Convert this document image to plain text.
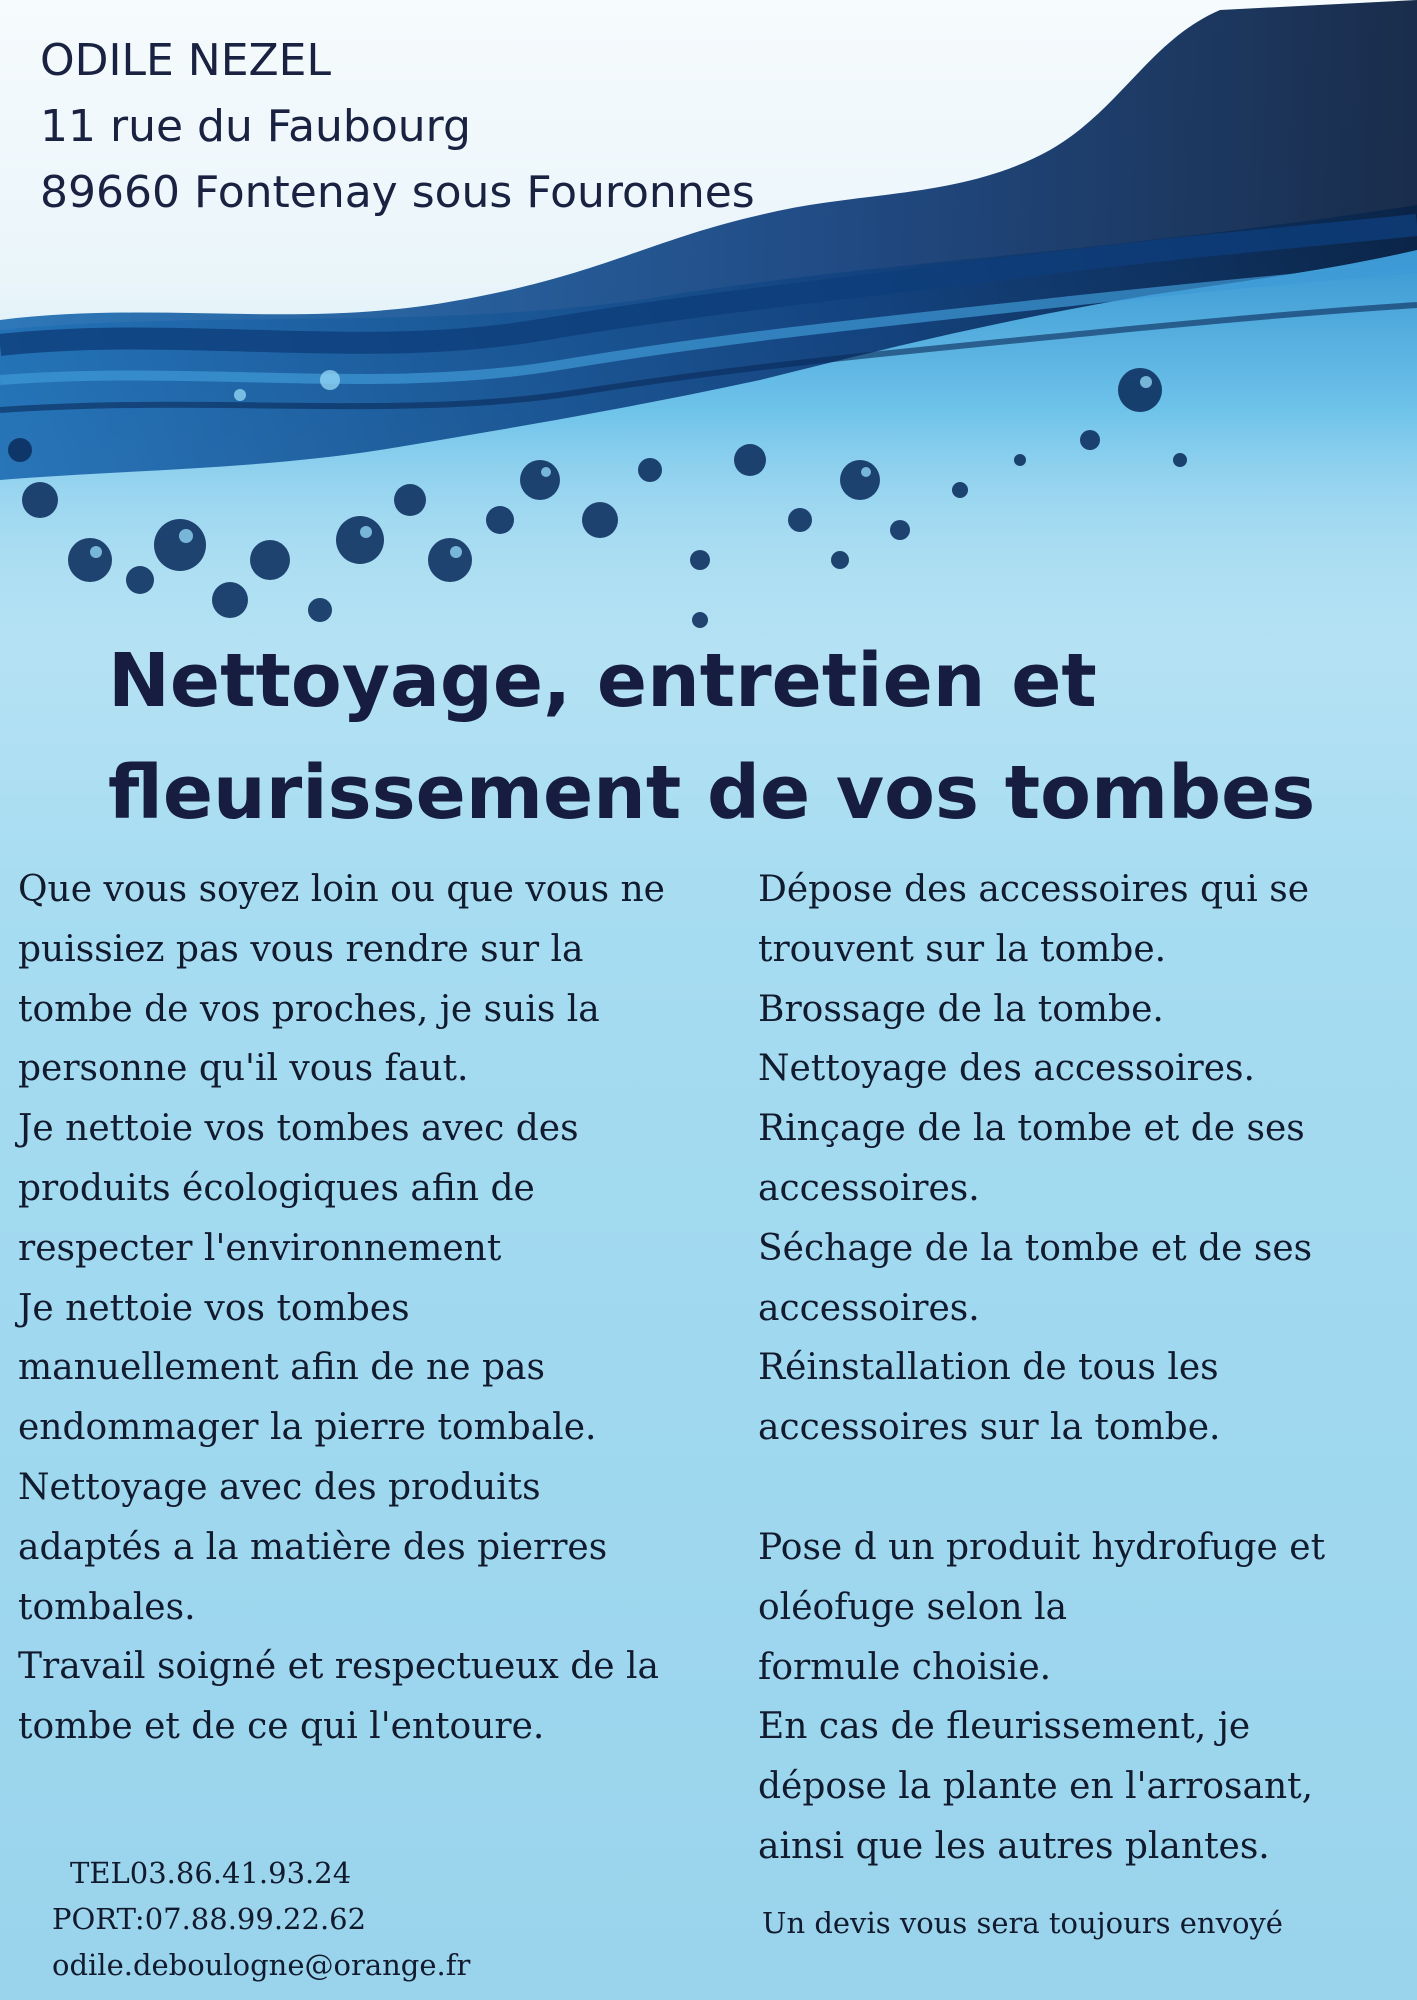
ODILE NEZEL
11 rue du Faubourg
89660 Fontenay sous Fouronnes
Nettoyage, entretien et
fleurissement de vos tombes
Que vous soyez loin ou que vous ne
puissiez pas vous rendre sur la
tombe de vos proches, je suis la
personne qu'il vous faut.
Je nettoie vos tombes avec des
produits écologiques afin de
respecter l'environnement
Je nettoie vos tombes
manuellement afin de ne pas
endommager la pierre tombale.
Nettoyage avec des produits
adaptés a la matière des pierres
tombales.
Travail soigné et respectueux de la
tombe et de ce qui l'entoure.
Dépose des accessoires qui se
trouvent sur la tombe.
Brossage de la tombe.
Nettoyage des accessoires.
Rinçage de la tombe et de ses
accessoires.
Séchage de la tombe et de ses
accessoires.
Réinstallation de tous les
accessoires sur la tombe.
Pose d un produit hydrofuge et
oléofuge selon la
formule choisie.
En cas de fleurissement, je
dépose la plante en l'arrosant,
ainsi que les autres plantes.
TEL03.86.41.93.24
PORT:07.88.99.22.62
odile.deboulogne@orange.fr
Un devis vous sera toujours envoyé
